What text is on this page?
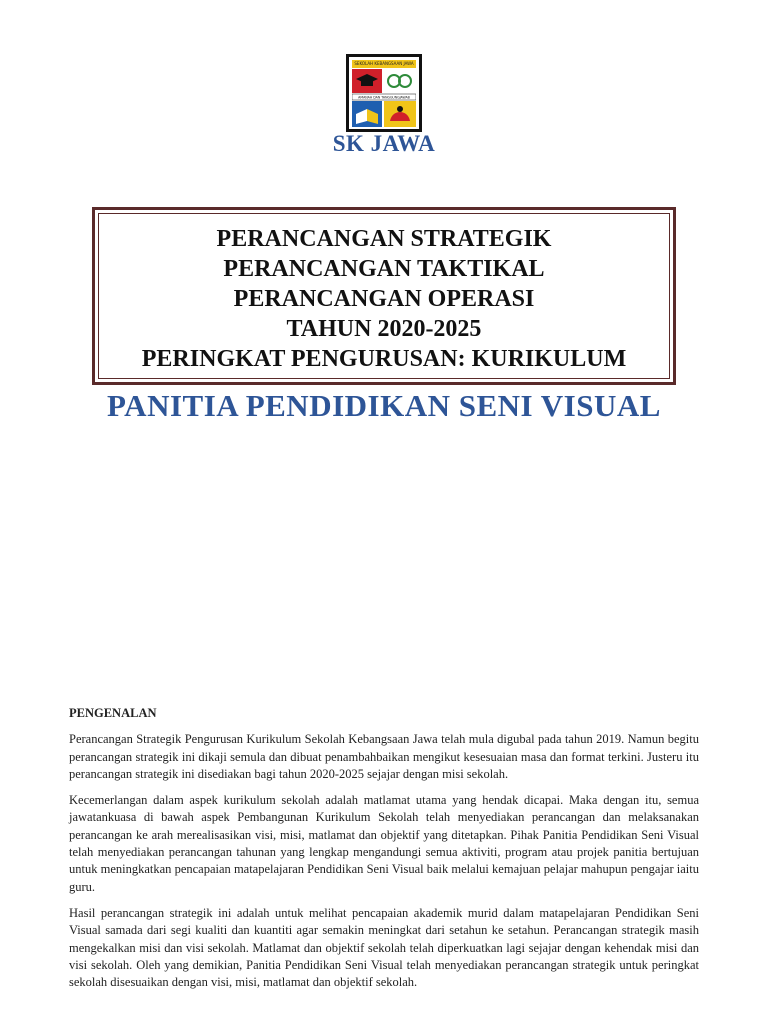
SEKOLAH KEBANGSAAN JAWA
AMANAH DAN TANGGUNGJAWAB
SK JAWA
PERANCANGAN STRATEGIK
PERANCANGAN TAKTIKAL
PERANCANGAN OPERASI
TAHUN 2020-2025
PERINGKAT PENGURUSAN: KURIKULUM
PANITIA PENDIDIKAN SENI VISUAL

PENGENALAN

Perancangan Strategik Pengurusan Kurikulum Sekolah Kebangsaan Jawa telah mula digubal pada tahun 2019. Namun begitu perancangan strategik ini dikaji semula dan dibuat penambahbaikan mengikut kesesuaian masa dan format terkini. Justeru itu perancangan strategik ini disediakan bagi tahun 2020-2025 sejajar dengan misi sekolah.

Kecemerlangan dalam aspek kurikulum sekolah adalah matlamat utama yang hendak dicapai. Maka dengan itu, semua jawatankuasa di bawah aspek Pembangunan Kurikulum Sekolah telah menyediakan perancangan dan melaksanakan perancangan ke arah merealisasikan visi, misi, matlamat dan objektif yang ditetapkan. Pihak Panitia Pendidikan Seni Visual telah menyediakan perancangan tahunan yang lengkap mengandungi semua aktiviti, program atau projek panitia bertujuan untuk meningkatkan pencapaian matapelajaran Pendidikan Seni Visual baik melalui kemajuan pelajar mahupun pengajar iaitu guru.

Hasil perancangan strategik ini adalah untuk melihat pencapaian akademik murid dalam matapelajaran Pendidikan Seni Visual samada dari segi kualiti dan kuantiti agar semakin meningkat dari setahun ke setahun. Perancangan strategik masih mengekalkan misi dan visi sekolah. Matlamat dan objektif sekolah telah diperkuatkan lagi sejajar dengan kehendak misi dan visi sekolah. Oleh yang demikian, Panitia Pendidikan Seni Visual telah menyediakan perancangan strategik untuk peringkat sekolah disesuaikan dengan visi, misi, matlamat dan objektif sekolah.
